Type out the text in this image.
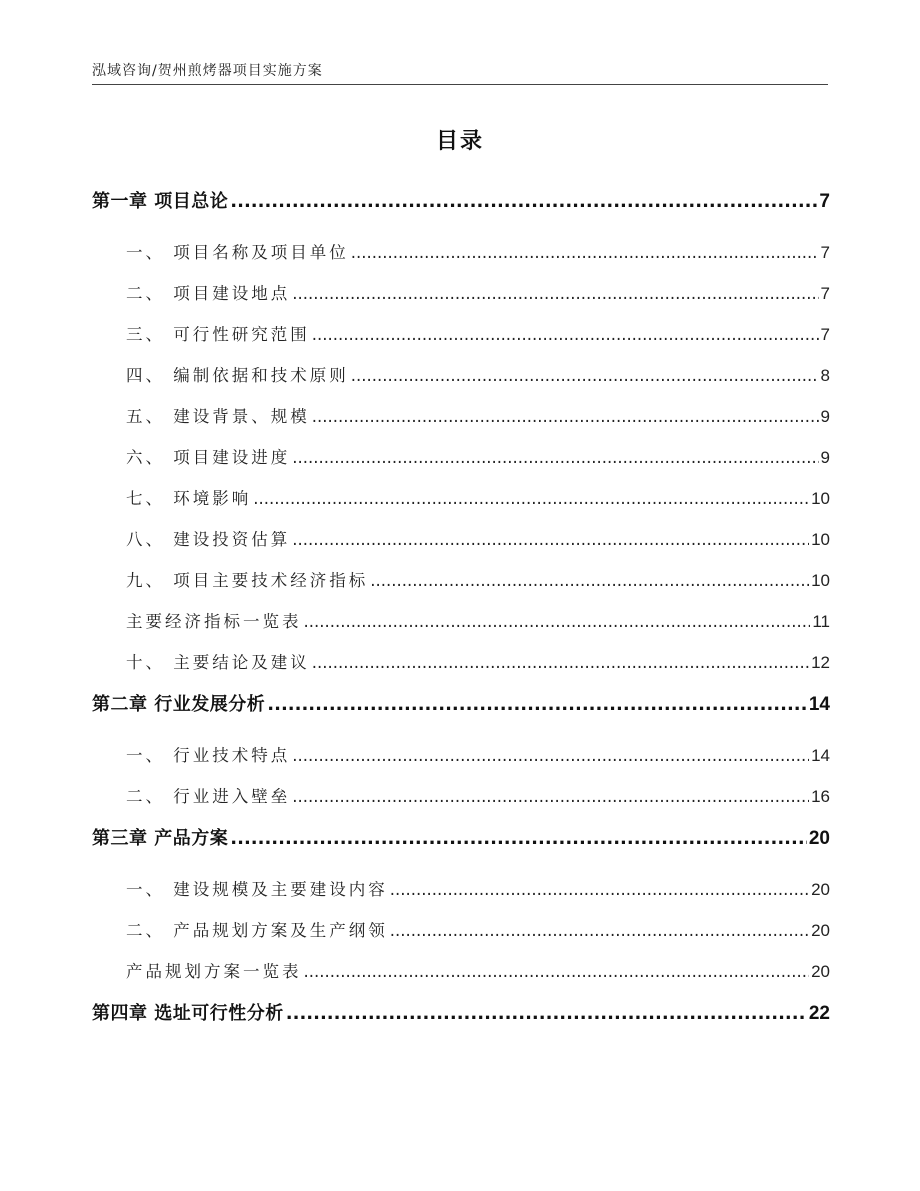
泓域咨询/贺州煎烤器项目实施方案
目录
第一章 项目总论 .....	7
一、 项目名称及项目单位 .....	7
二、 项目建设地点 .....	7
三、 可行性研究范围 .....	7
四、 编制依据和技术原则 .....	8
五、 建设背景、规模 .....	9
六、 项目建设进度 .....	9
七、 环境影响 .....	10
八、 建设投资估算 .....	10
九、 项目主要技术经济指标 .....	10
主要经济指标一览表 .....	11
十、 主要结论及建议 .....	12
第二章 行业发展分析 .....	14
一、 行业技术特点 .....	14
二、 行业进入壁垒 .....	16
第三章 产品方案 .....	20
一、 建设规模及主要建设内容 .....	20
二、 产品规划方案及生产纲领 .....	20
产品规划方案一览表 .....	20
第四章 选址可行性分析 .....	22
